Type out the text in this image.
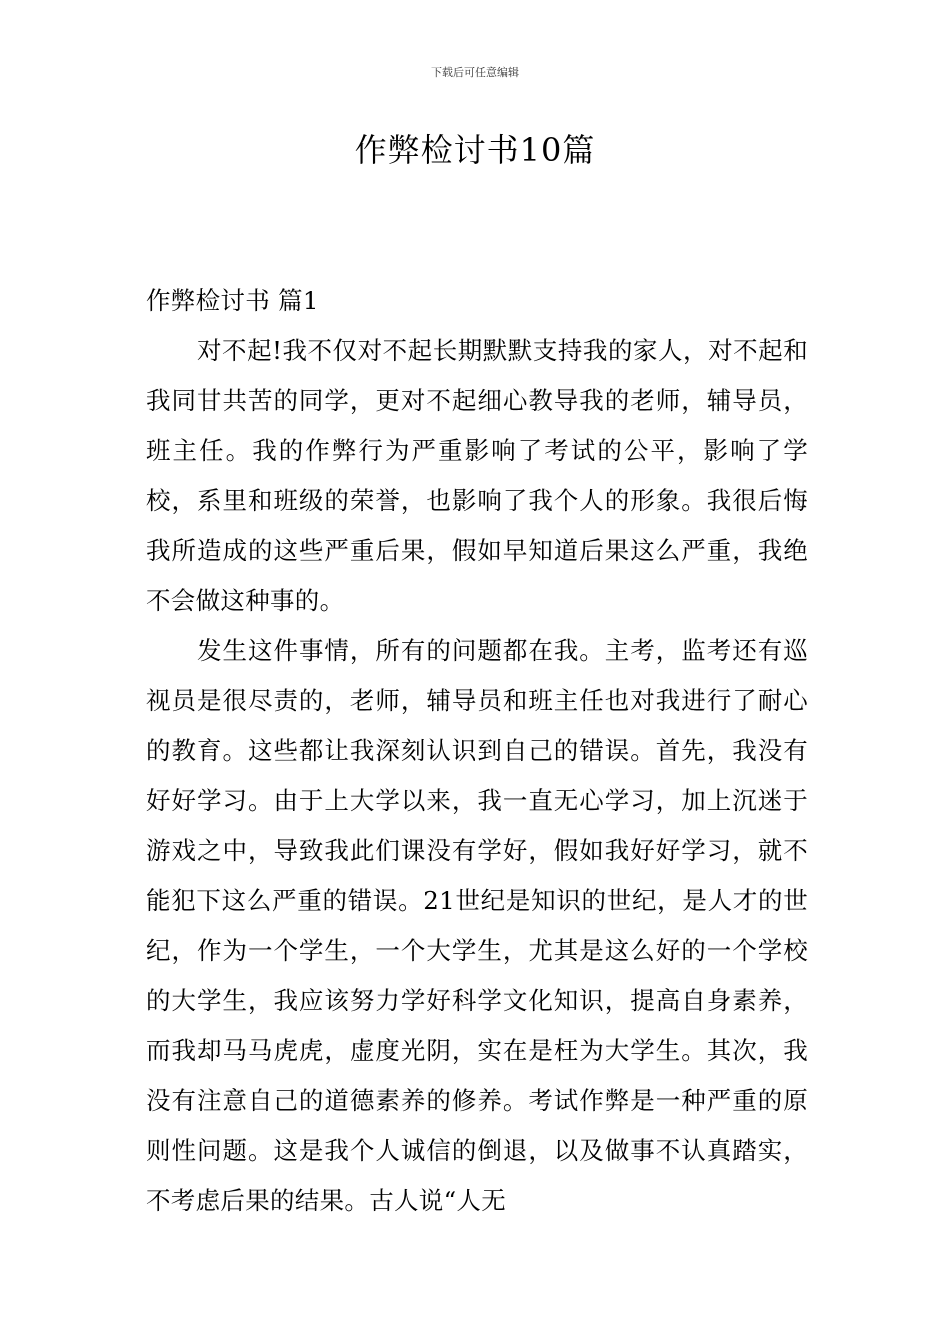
下载后可任意编辑
作弊检讨书10篇

作弊检讨书 篇1

对不起!我不仅对不起长期默默支持我的家人，对不起和我同甘共苦的同学，更对不起细心教导我的老师，辅导员，班主任。我的作弊行为严重影响了考试的公平，影响了学校，系里和班级的荣誉，也影响了我个人的形象。我很后悔我所造成的这些严重后果，假如早知道后果这么严重，我绝不会做这种事的。

发生这件事情，所有的问题都在我。主考，监考还有巡视员是很尽责的，老师，辅导员和班主任也对我进行了耐心的教育。这些都让我深刻认识到自己的错误。首先，我没有好好学习。由于上大学以来，我一直无心学习，加上沉迷于游戏之中，导致我此们课没有学好，假如我好好学习，就不能犯下这么严重的错误。21世纪是知识的世纪，是人才的世纪，作为一个学生，一个大学生，尤其是这么好的一个学校的大学生，我应该努力学好科学文化知识，提高自身素养，而我却马马虎虎，虚度光阴，实在是枉为大学生。其次，我没有注意自己的道德素养的修养。考试作弊是一种严重的原则性问题。这是我个人诚信的倒退，以及做事不认真踏实，不考虑后果的结果。古人说“人无
